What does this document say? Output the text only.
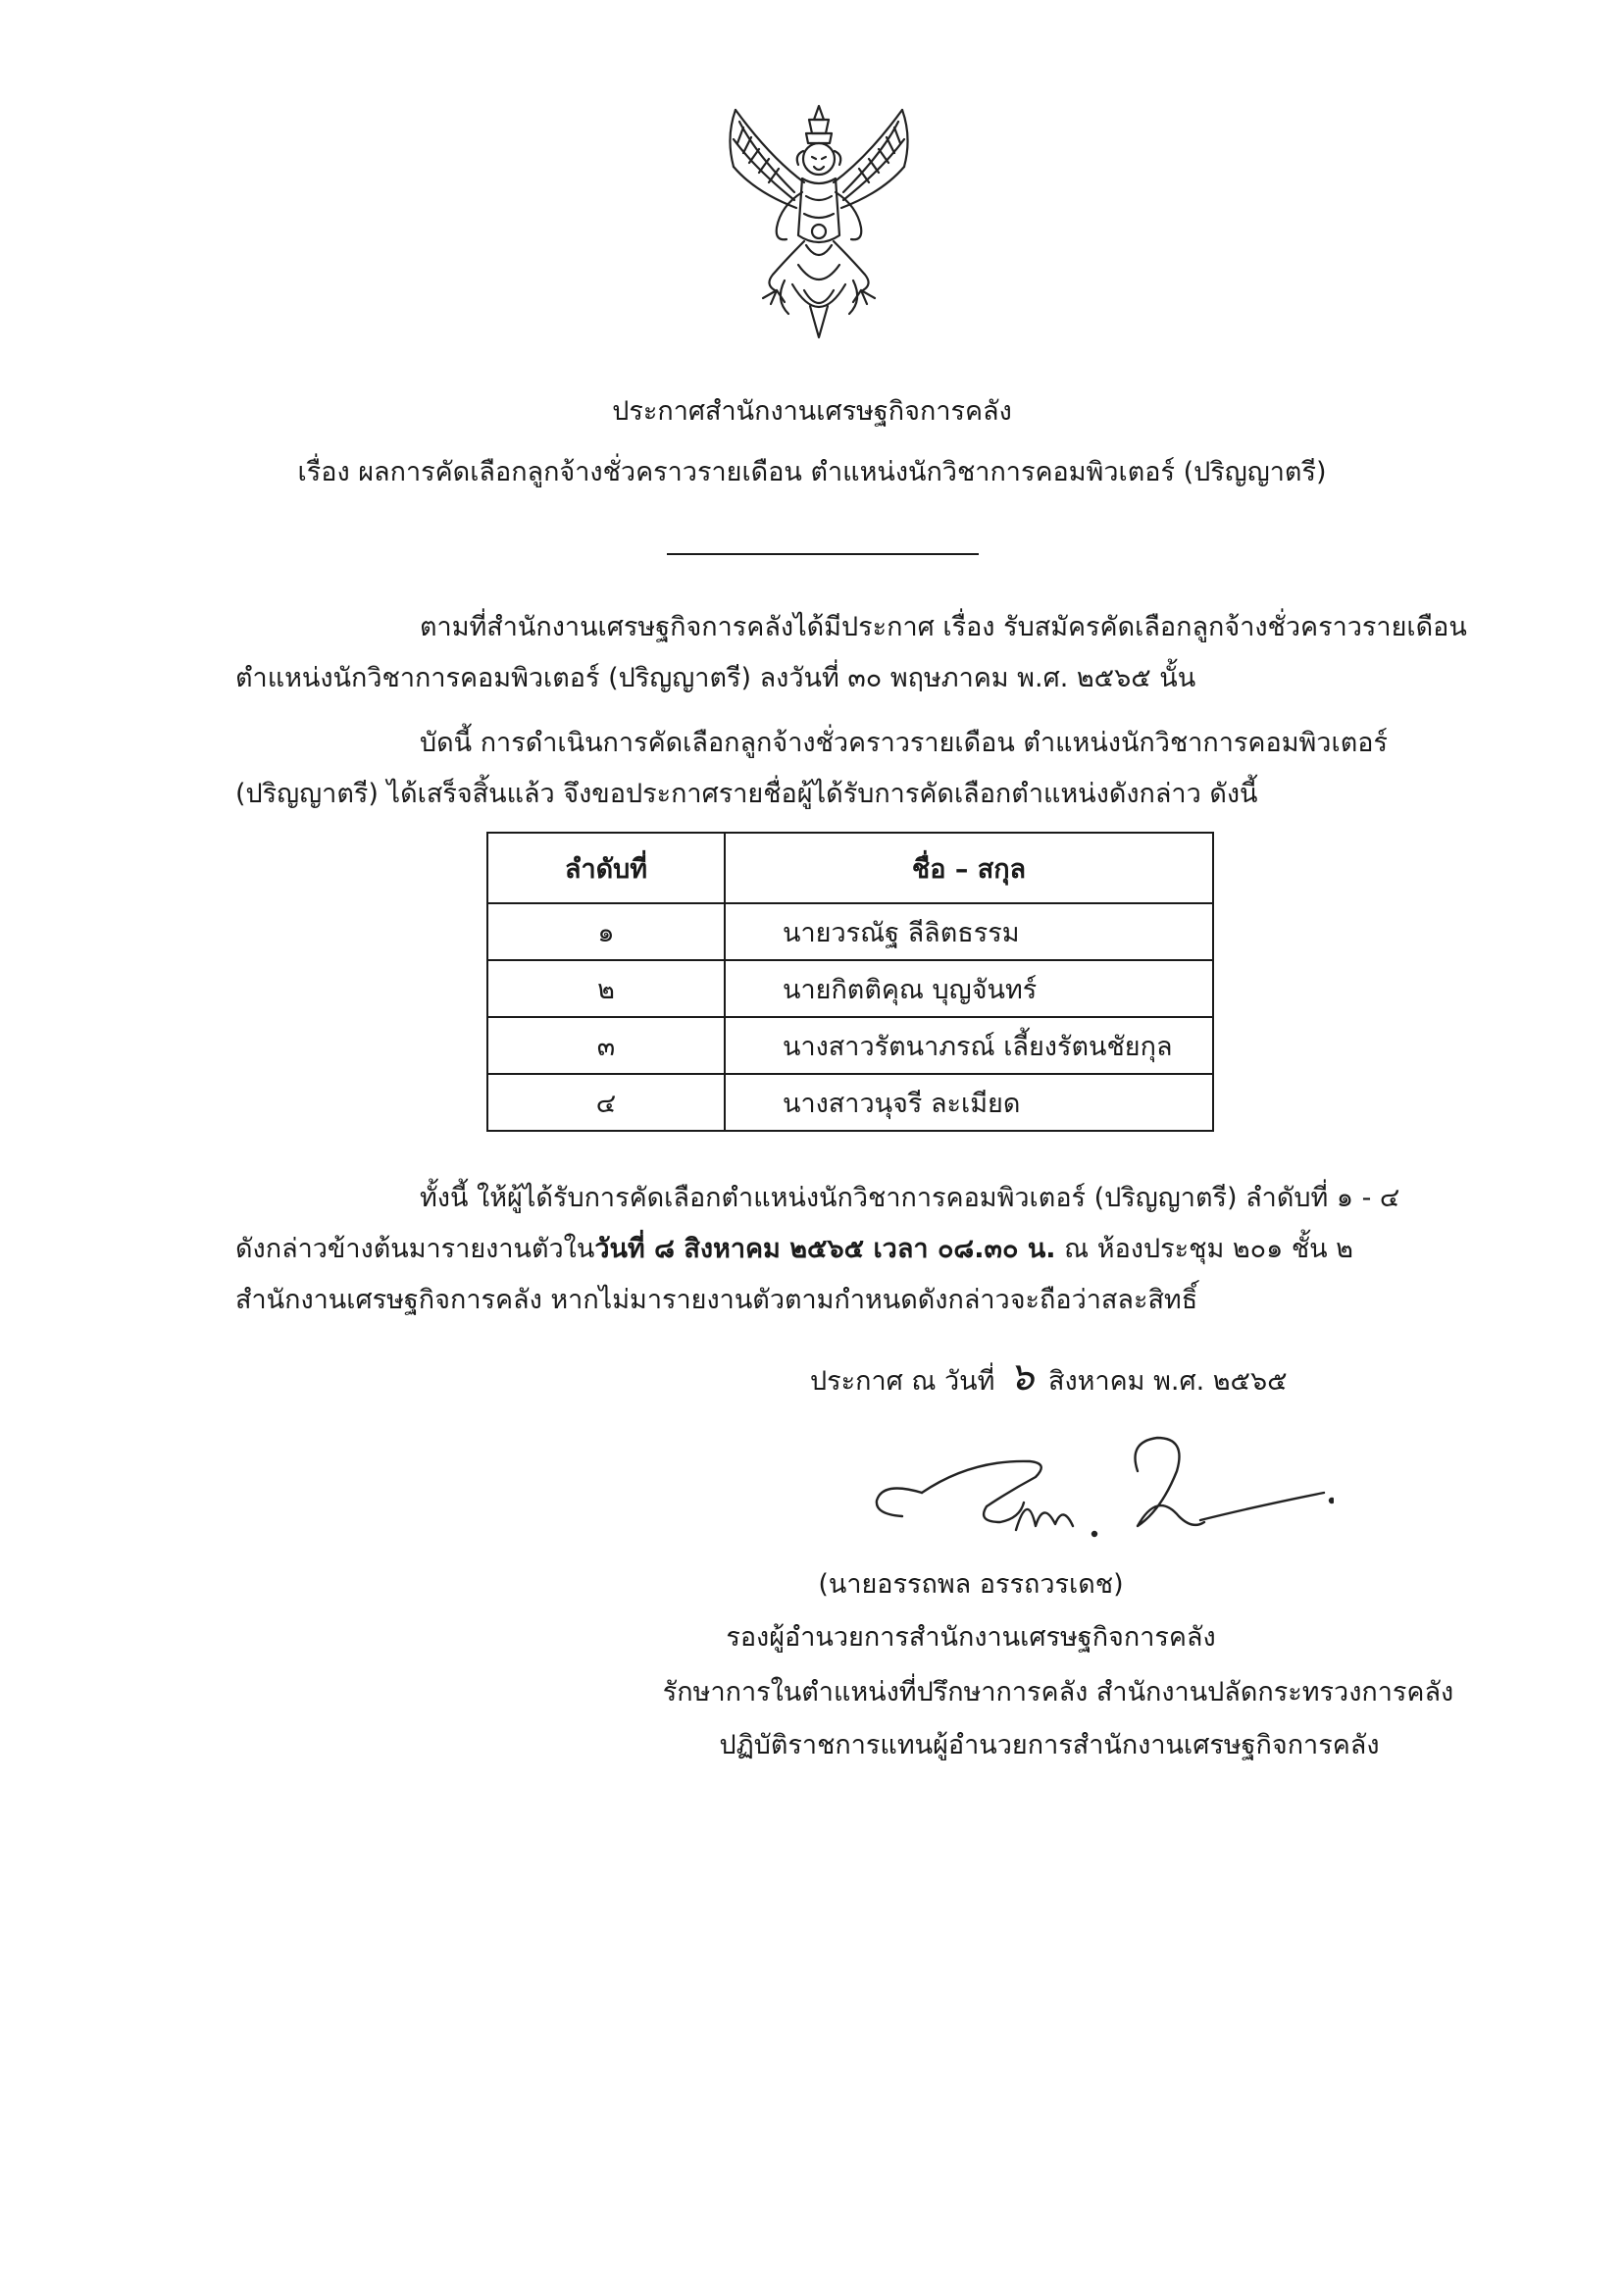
ประกาศสำนักงานเศรษฐกิจการคลัง
เรื่อง ผลการคัดเลือกลูกจ้างชั่วคราวรายเดือน ตำแหน่งนักวิชาการคอมพิวเตอร์ (ปริญญาตรี)
ตามที่สำนักงานเศรษฐกิจการคลังได้มีประกาศ เรื่อง รับสมัครคัดเลือกลูกจ้างชั่วคราวรายเดือน
ตำแหน่งนักวิชาการคอมพิวเตอร์ (ปริญญาตรี) ลงวันที่ ๓๐ พฤษภาคม พ.ศ. ๒๕๖๕ นั้น
บัดนี้ การดำเนินการคัดเลือกลูกจ้างชั่วคราวรายเดือน ตำแหน่งนักวิชาการคอมพิวเตอร์
(ปริญญาตรี) ได้เสร็จสิ้นแล้ว จึงขอประกาศรายชื่อผู้ได้รับการคัดเลือกตำแหน่งดังกล่าว ดังนี้
ลำดับที่	ชื่อ – สกุล
๑	นายวรณัฐ ลีลิตธรรม
๒	นายกิตติคุณ บุญจันทร์
๓	นางสาวรัตนาภรณ์ เลี้ยงรัตนชัยกุล
๔	นางสาวนุจรี ละเมียด
ทั้งนี้ ให้ผู้ได้รับการคัดเลือกตำแหน่งนักวิชาการคอมพิวเตอร์ (ปริญญาตรี) ลำดับที่ ๑ - ๔
ดังกล่าวข้างต้นมารายงานตัวในวันที่ ๘ สิงหาคม ๒๕๖๕ เวลา ๐๘.๓๐ น. ณ ห้องประชุม ๒๐๑ ชั้น ๒
สำนักงานเศรษฐกิจการคลัง หากไม่มารายงานตัวตามกำหนดดังกล่าวจะถือว่าสละสิทธิ์
ประกาศ ณ วันที่ ๖ สิงหาคม พ.ศ. ๒๕๖๕
(นายอรรถพล อรรถวรเดช)
รองผู้อำนวยการสำนักงานเศรษฐกิจการคลัง
รักษาการในตำแหน่งที่ปรึกษาการคลัง สำนักงานปลัดกระทรวงการคลัง
ปฏิบัติราชการแทนผู้อำนวยการสำนักงานเศรษฐกิจการคลัง
